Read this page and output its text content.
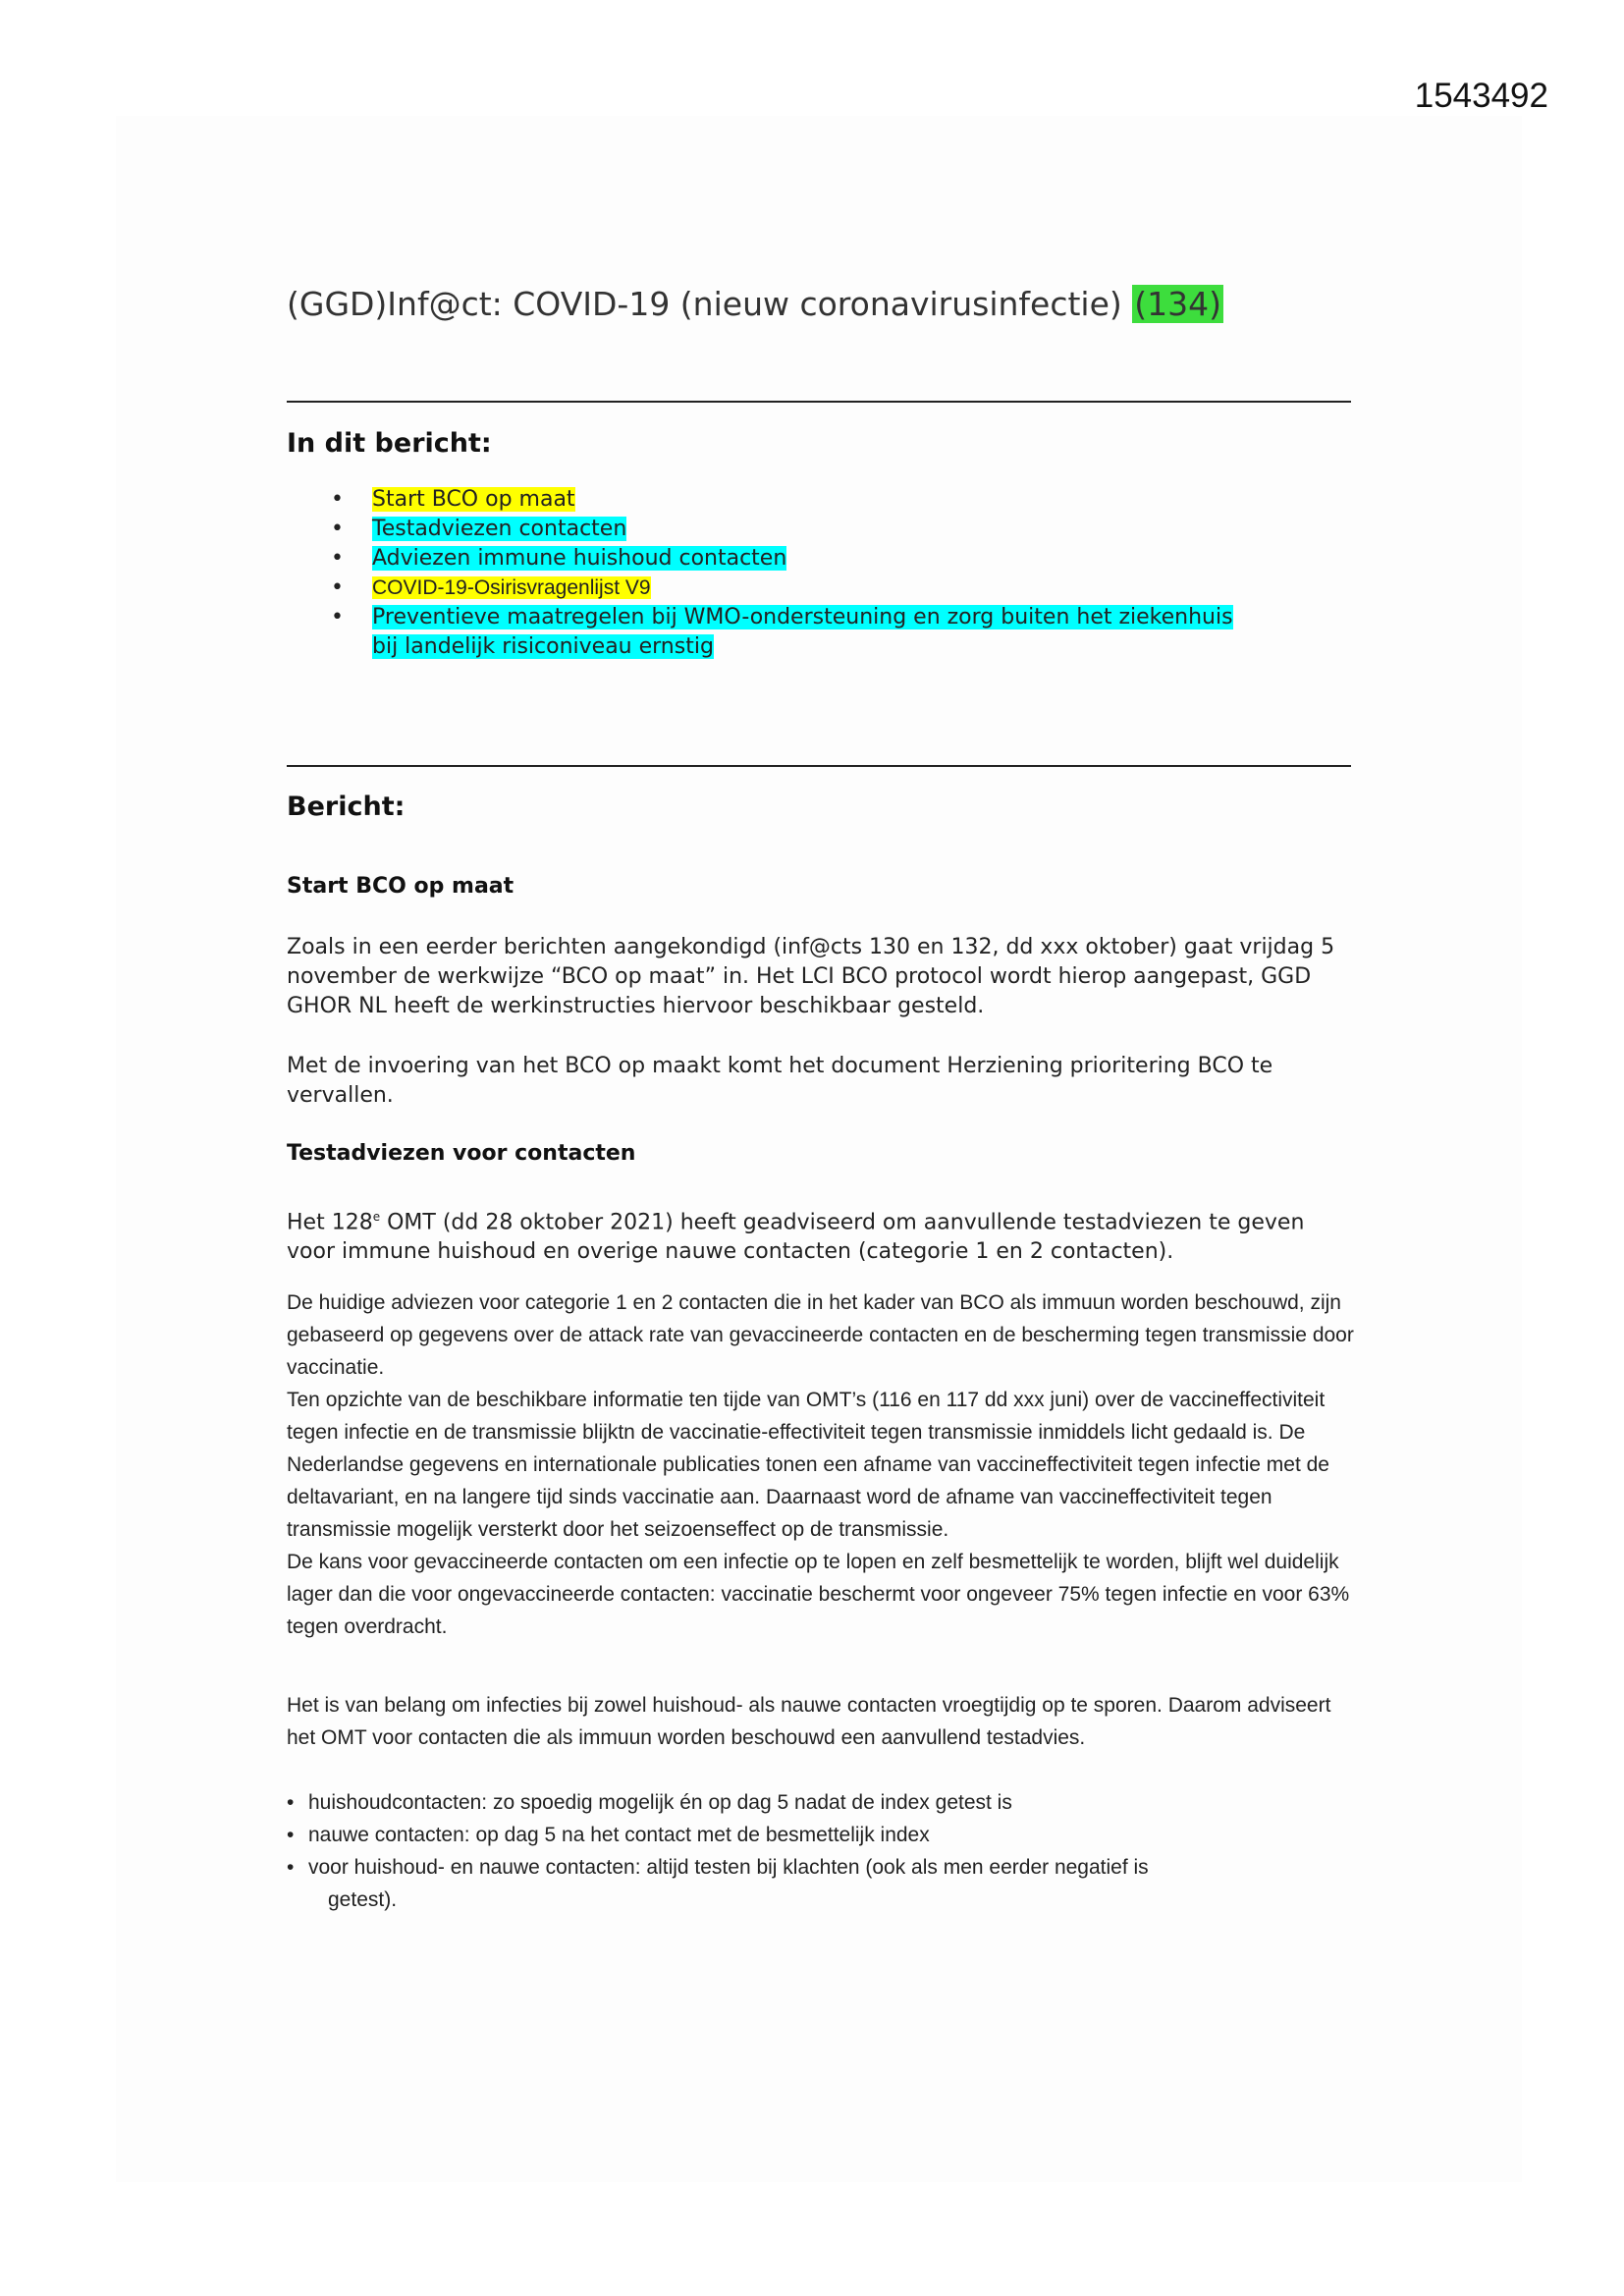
1543492
(GGD)Inf@ct: COVID-19 (nieuw coronavirusinfectie) (134)
In dit bericht:
• Start BCO op maat
• Testadviezen contacten
• Adviezen immune huishoud contacten
• COVID-19-Osirisvragenlijst V9
• Preventieve maatregelen bij WMO-ondersteuning en zorg buiten het ziekenhuis
bij landelijk risiconiveau ernstig
Bericht:
Start BCO op maat
Zoals in een eerder berichten aangekondigd (inf@cts 130 en 132, dd xxx oktober) gaat vrijdag 5 november de werkwijze “BCO op maat” in. Het LCI BCO protocol wordt hierop aangepast, GGD GHOR NL heeft de werkinstructies hiervoor beschikbaar gesteld.
Met de invoering van het BCO op maakt komt het document Herziening prioritering BCO te vervallen.
Testadviezen voor contacten
Het 128e OMT (dd 28 oktober 2021) heeft geadviseerd om aanvullende testadviezen te geven voor immune huishoud en overige nauwe contacten (categorie 1 en 2 contacten).

De huidige adviezen voor categorie 1 en 2 contacten die in het kader van BCO als immuun worden beschouwd, zijn gebaseerd op gegevens over de attack rate van gevaccineerde contacten en de bescherming tegen transmissie door vaccinatie.

Ten opzichte van de beschikbare informatie ten tijde van OMT’s (116 en 117 dd xxx juni) over de vaccineffectiviteit tegen infectie en de transmissie blijktn de vaccinatie-effectiviteit tegen transmissie inmiddels licht gedaald is. De Nederlandse gegevens en internationale publicaties tonen een afname van vaccineffectiviteit tegen infectie met de deltavariant, en na langere tijd sinds vaccinatie aan. Daarnaast word de afname van vaccineffectiviteit tegen transmissie mogelijk versterkt door het seizoenseffect op de transmissie.

De kans voor gevaccineerde contacten om een infectie op te lopen en zelf besmettelijk te worden, blijft wel duidelijk lager dan die voor ongevaccineerde contacten: vaccinatie beschermt voor ongeveer 75% tegen infectie en voor 63% tegen overdracht.

Het is van belang om infecties bij zowel huishoud- als nauwe contacten vroegtijdig op te sporen. Daarom adviseert het OMT voor contacten die als immuun worden beschouwd een aanvullend testadvies.
• huishoudcontacten: zo spoedig mogelijk én op dag 5 nadat de index getest is
• nauwe contacten: op dag 5 na het contact met de besmettelijk index
• voor huishoud- en nauwe contacten: altijd testen bij klachten (ook als men eerder negatief is
getest).
